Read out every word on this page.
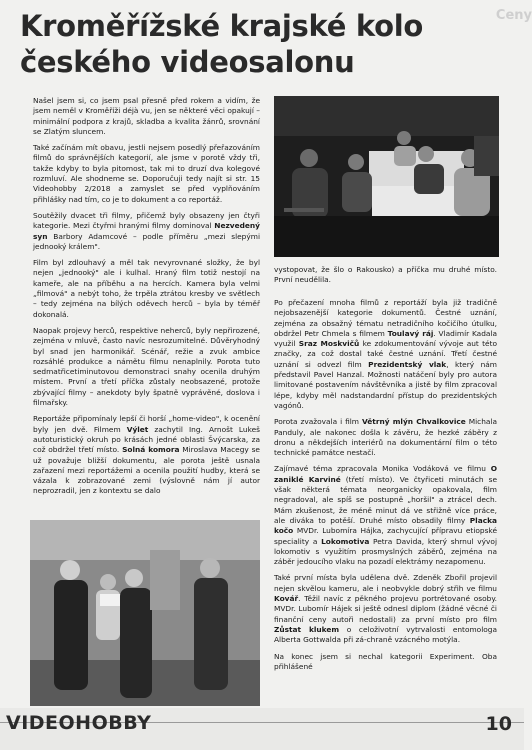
Ceny
Kroměřížské krajské kolo
českého videosalonu

Našel jsem si, co jsem psal přesně před rokem a vidím, že jsem neměl v Kroměříži déjà vu, jen se některé věci opakují – minimální podpora z krajů, skladba a kvalita žánrů, srovnání se Zlatým sluncem.

Také začínám mít obavu, jestli nejsem posedlý přeřazováním filmů do správnějších kategorií, ale jsme v porotě vždy tři, takže kdyby to byla pitomost, tak mi to druzí dva kolegové rozmluví. Ale shodneme se. Doporučuji tedy najít si str. 15 Videohobby 2/2018 a zamyslet se před vyplňováním přihlášky nad tím, co je to dokument a co reportáž.

Soutěžily dvacet tři filmy, přičemž byly obsazeny jen čtyři kategorie. Mezi čtyřmi hranými filmy dominoval Nezvedený syn Barbory Adamcové – podle příměru „mezi slepými jednooký králem".

Film byl zdlouhavý a měl tak nevyrovnané složky, že byl nejen „jednooký" ale i kulhal. Hraný film totiž nestojí na kameře, ale na příběhu a na hercích. Kamera byla velmi „filmová" a nebýt toho, že trpěla ztrátou kresby ve světlech – tedy zejména na bílých oděvech herců – byla by téměř dokonalá.

Naopak projevy herců, respektive neherců, byly nepřirozené, zejména v mluvě, často navíc nesrozumitelné. Důvěryhodný byl snad jen harmonikář. Scénář, režie a zvuk ambice rozsáhlé produkce a námětu filmu nenaplnily. Porota tuto sedmatřicetiminutovou demonstraci snahy ocenila druhým místem. První a třetí příčka zůstaly neobsazené, protože zbývající filmy – anekdoty byly špatně vyprávěné, doslova i filmařsky.

Reportáže připomínaly lepší či horší „home-video", k ocenění byly jen dvě. Filmem Výlet zachytil Ing. Arnošt Lukeš autoturistický okruh po krásách jedné oblasti Švýcarska, za což obdržel třetí místo. Solná komora Miroslava Macegy se už považuje bližší dokumentu, ale porota ještě usnala zařazení mezi reportážemi a ocenila použití hudby, která se vázala k zobrazované zemi (výslovně nám jí autor neprozradil, jen z kontextu se dalo

vystopovat, že šlo o Rakousko) a příčka mu druhé místo. První neudělila.

Po přečazení mnoha filmů z reportáží byla již tradičně nejobsazenější kategorie dokumentů. Čestné uznání, zejména za obsažný tématu netradičního kočičího útulku, obdržel Petr Chmela s filmem Toulavý ráj. Vladimír Kadala využil Sraz Moskvičů ke zdokumentování vývoje aut této značky, za což dostal také čestné uznání. Třetí čestné uznání si odvezl film Prezidentský vlak, který nám představil Pavel Hanzal. Možnosti natáčení byly pro autora limitované postavením návštěvníka a jistě by film zpracoval lépe, kdyby měl nadstandardní přístup do prezidentských vagónů.

Porota zvažovala i film Větrný mlýn Chvalkovice Michala Panduly, ale nakonec došla k závěru, že hezké záběry z dronu a někdejších interiérů na dokumentární film o této technické památce nestačí.

Zajímavé téma zpracovala Monika Vodáková ve filmu O zaniklé Karviné (třetí místo). Ve čtyřiceti minutách se však některá témata neorganicky opakovala, film negradoval, ale spíš se postupně „horšil" a ztrácel dech. Mám zkušenost, že méně minut dá ve střižně více práce, ale diváka to potěší. Druhé místo obsadily filmy Placka kočo MVDr. Lubomíra Hájka, zachycující přípravu etiopské speciality a Lokomotiva Petra Davida, který shrnul vývoj lokomotiv s využitím prosmyslných záběrů, zejména na záběr jedoucího vlaku na pozadí elektrámy nezapomenu.

Také první místa byla udělena dvě. Zdeněk Zbořil projevil nejen skvělou kameru, ale i neobvykle dobrý střih ve filmu Kovář. Těžil navíc z pěkného projevu portrétované osoby. MVDr. Lubomír Hájek si ještě odnesl diplom (žádné věcné či finanční ceny autoři nedostali) za první místo pro film Zůstat klukem o celoživotní vytrvalosti entomologa Alberta Gottwalda při zá-chraně vzácného motýla.

Na konec jsem si nechal kategorii Experiment. Oba přihlášené

VIDEOHOBBY	10
